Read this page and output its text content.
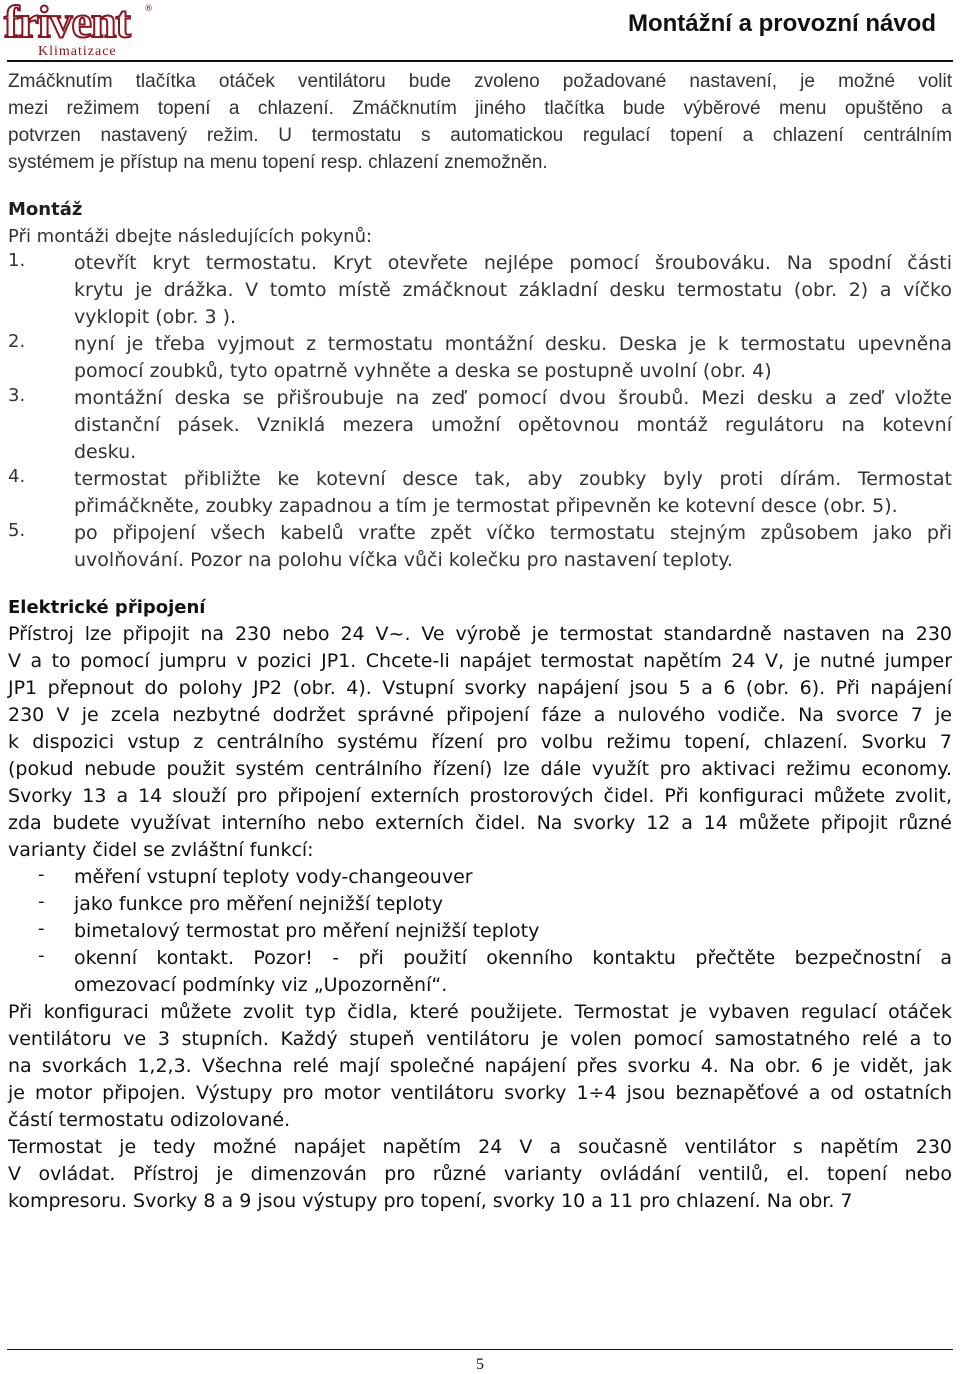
frivent	®
Klimatizace
Montážní a provozní návod
Zmáčknutím tlačítka otáček ventilátoru bude zvoleno požadované nastavení, je možné volit
mezi režimem topení a chlazení. Zmáčknutím jiného tlačítka bude výběrové menu opuštěno a
potvrzen nastavený režim. U termostatu s automatickou regulací topení a chlazení centrálním
systémem je přístup na menu topení resp. chlazení znemožněn.
Montáž
Při montáži dbejte následujících pokynů:
1.	otevřít kryt termostatu. Kryt otevřete nejlépe pomocí šroubováku. Na spodní části
krytu je drážka. V tomto místě zmáčknout základní desku termostatu (obr. 2) a víčko
vyklopit (obr. 3 ).
2.	nyní je třeba vyjmout z termostatu montážní desku. Deska je k termostatu upevněna
pomocí zoubků, tyto opatrně vyhněte a deska se postupně uvolní (obr. 4)
3.	montážní deska se přišroubuje na zeď pomocí dvou šroubů. Mezi desku a zeď vložte
distanční pásek. Vzniklá mezera umožní opětovnou montáž regulátoru na kotevní
desku.
4.	termostat přibližte ke kotevní desce tak, aby zoubky byly proti dírám. Termostat
přimáčkněte, zoubky zapadnou a tím je termostat připevněn ke kotevní desce (obr. 5).
5.	po připojení všech kabelů vraťte zpět víčko termostatu stejným způsobem jako při
uvolňování. Pozor na polohu víčka vůči kolečku pro nastavení teploty.
Elektrické připojení
Přístroj lze připojit na 230 nebo 24 V~. Ve výrobě je termostat standardně nastaven na 230
V a to pomocí jumpru v pozici JP1. Chcete-li napájet termostat napětím 24 V, je nutné jumper
JP1 přepnout do polohy JP2 (obr. 4). Vstupní svorky napájení jsou 5 a 6 (obr. 6). Při napájení
230 V je zcela nezbytné dodržet správné připojení fáze a nulového vodiče. Na svorce 7 je
k dispozici vstup z centrálního systému řízení pro volbu režimu topení, chlazení. Svorku 7
(pokud nebude použit systém centrálního řízení) lze dále využít pro aktivaci režimu economy.
Svorky 13 a 14 slouží pro připojení externích prostorových čidel. Při konfiguraci můžete zvolit,
zda budete využívat interního nebo externích čidel. Na svorky 12 a 14 můžete připojit různé
varianty čidel se zvláštní funkcí:
- měření vstupní teploty vody-changeouver
- jako funkce pro měření nejnižší teploty
- bimetalový termostat pro měření nejnižší teploty
- okenní kontakt. Pozor! - při použití okenního kontaktu přečtěte bezpečnostní a
omezovací podmínky viz „Upozornění“.
Při konfiguraci můžete zvolit typ čidla, které použijete. Termostat je vybaven regulací otáček
ventilátoru ve 3 stupních. Každý stupeň ventilátoru je volen pomocí samostatného relé a to
na svorkách 1,2,3. Všechna relé mají společné napájení přes svorku 4. Na obr. 6 je vidět, jak
je motor připojen. Výstupy pro motor ventilátoru svorky 1÷4 jsou beznapěťové a od ostatních
částí termostatu odizolované.
Termostat je tedy možné napájet napětím 24 V a současně ventilátor s napětím 230
V ovládat. Přístroj je dimenzován pro různé varianty ovládání ventilů, el. topení nebo
kompresoru. Svorky 8 a 9 jsou výstupy pro topení, svorky 10 a 11 pro chlazení. Na obr. 7
5
